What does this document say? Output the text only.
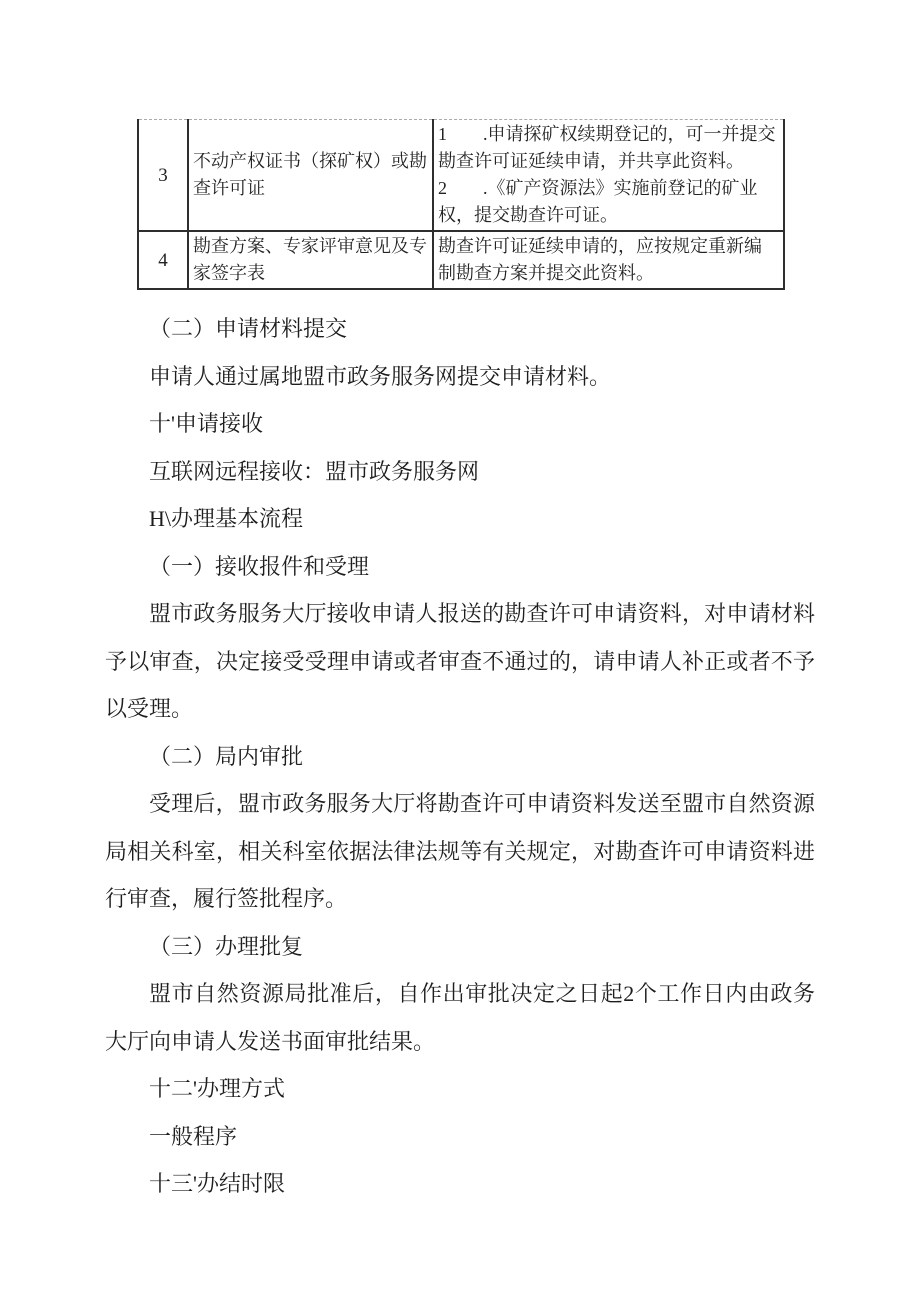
3	不动产权证书（探矿权）或勘查许可证	1        .申请探矿权续期登记的，可一并提交勘查许可证延续申请，并共享此资料。
2        .《矿产资源法》实施前登记的矿业权，提交勘查许可证。

4	勘查方案、专家评审意见及专家签字表	勘查许可证延续申请的，应按规定重新编制勘查方案并提交此资料。

（二）申请材料提交

申请人通过属地盟市政务服务网提交申请材料。

十'申请接收

互联网远程接收：盟市政务服务网

H\办理基本流程

（一）接收报件和受理

盟市政务服务大厅接收申请人报送的勘查许可申请资料，对申请材料予以审查，决定接受受理申请或者审查不通过的，请申请人补正或者不予以受理。

（二）局内审批

受理后，盟市政务服务大厅将勘查许可申请资料发送至盟市自然资源局相关科室，相关科室依据法律法规等有关规定，对勘查许可申请资料进行审查，履行签批程序。

（三）办理批复

盟市自然资源局批准后，自作出审批决定之日起2个工作日内由政务大厅向申请人发送书面审批结果。

十二'办理方式

一般程序

十三'办结时限
